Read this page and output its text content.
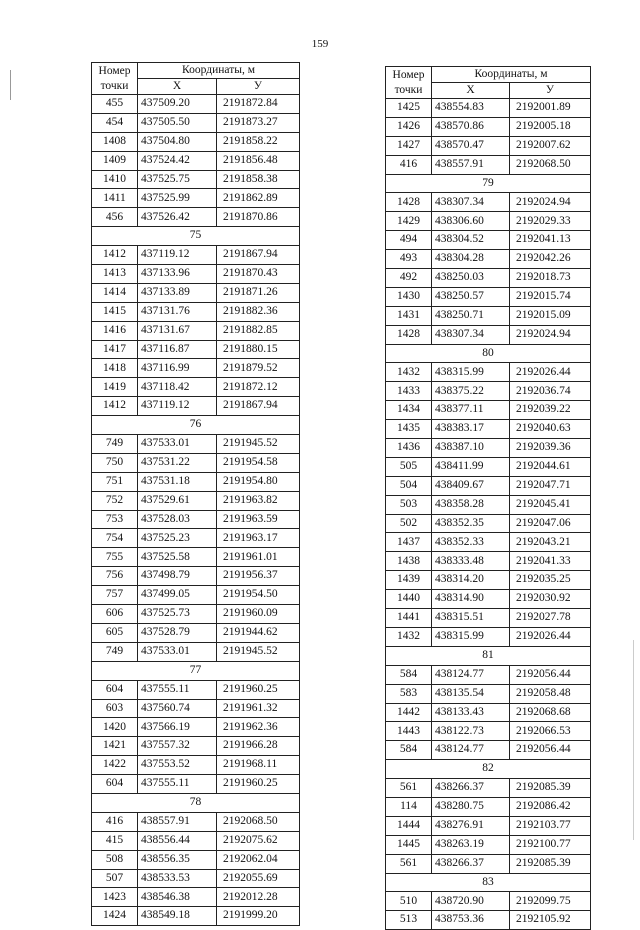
159
Номер
точки	Координаты, м	
	Х	У
455	437509.20	2191872.84
454	437505.50	2191873.27
1408	437504.80	2191858.22
1409	437524.42	2191856.48
1410	437525.75	2191858.38
1411	437525.99	2191862.89
456	437526.42	2191870.86
75		
1412	437119.12	2191867.94
1413	437133.96	2191870.43
1414	437133.89	2191871.26
1415	437131.76	2191882.36
1416	437131.67	2191882.85
1417	437116.87	2191880.15
1418	437116.99	2191879.52
1419	437118.42	2191872.12
1412	437119.12	2191867.94
76		
749	437533.01	2191945.52
750	437531.22	2191954.58
751	437531.18	2191954.80
752	437529.61	2191963.82
753	437528.03	2191963.59
754	437525.23	2191963.17
755	437525.58	2191961.01
756	437498.79	2191956.37
757	437499.05	2191954.50
606	437525.73	2191960.09
605	437528.79	2191944.62
749	437533.01	2191945.52
77		
604	437555.11	2191960.25
603	437560.74	2191961.32
1420	437566.19	2191962.36
1421	437557.32	2191966.28
1422	437553.52	2191968.11
604	437555.11	2191960.25
78		
416	438557.91	2192068.50
415	438556.44	2192075.62
508	438556.35	2192062.04
507	438533.53	2192055.69
1423	438546.38	2192012.28
1424	438549.18	2191999.20
Номер
точки	Координаты, м	
	Х	У
1425	438554.83	2192001.89
1426	438570.86	2192005.18
1427	438570.47	2192007.62
416	438557.91	2192068.50
79		
1428	438307.34	2192024.94
1429	438306.60	2192029.33
494	438304.52	2192041.13
493	438304.28	2192042.26
492	438250.03	2192018.73
1430	438250.57	2192015.74
1431	438250.71	2192015.09
1428	438307.34	2192024.94
80		
1432	438315.99	2192026.44
1433	438375.22	2192036.74
1434	438377.11	2192039.22
1435	438383.17	2192040.63
1436	438387.10	2192039.36
505	438411.99	2192044.61
504	438409.67	2192047.71
503	438358.28	2192045.41
502	438352.35	2192047.06
1437	438352.33	2192043.21
1438	438333.48	2192041.33
1439	438314.20	2192035.25
1440	438314.90	2192030.92
1441	438315.51	2192027.78
1432	438315.99	2192026.44
81		
584	438124.77	2192056.44
583	438135.54	2192058.48
1442	438133.43	2192068.68
1443	438122.73	2192066.53
584	438124.77	2192056.44
82		
561	438266.37	2192085.39
114	438280.75	2192086.42
1444	438276.91	2192103.77
1445	438263.19	2192100.77
561	438266.37	2192085.39
83		
510	438720.90	2192099.75
513	438753.36	2192105.92
